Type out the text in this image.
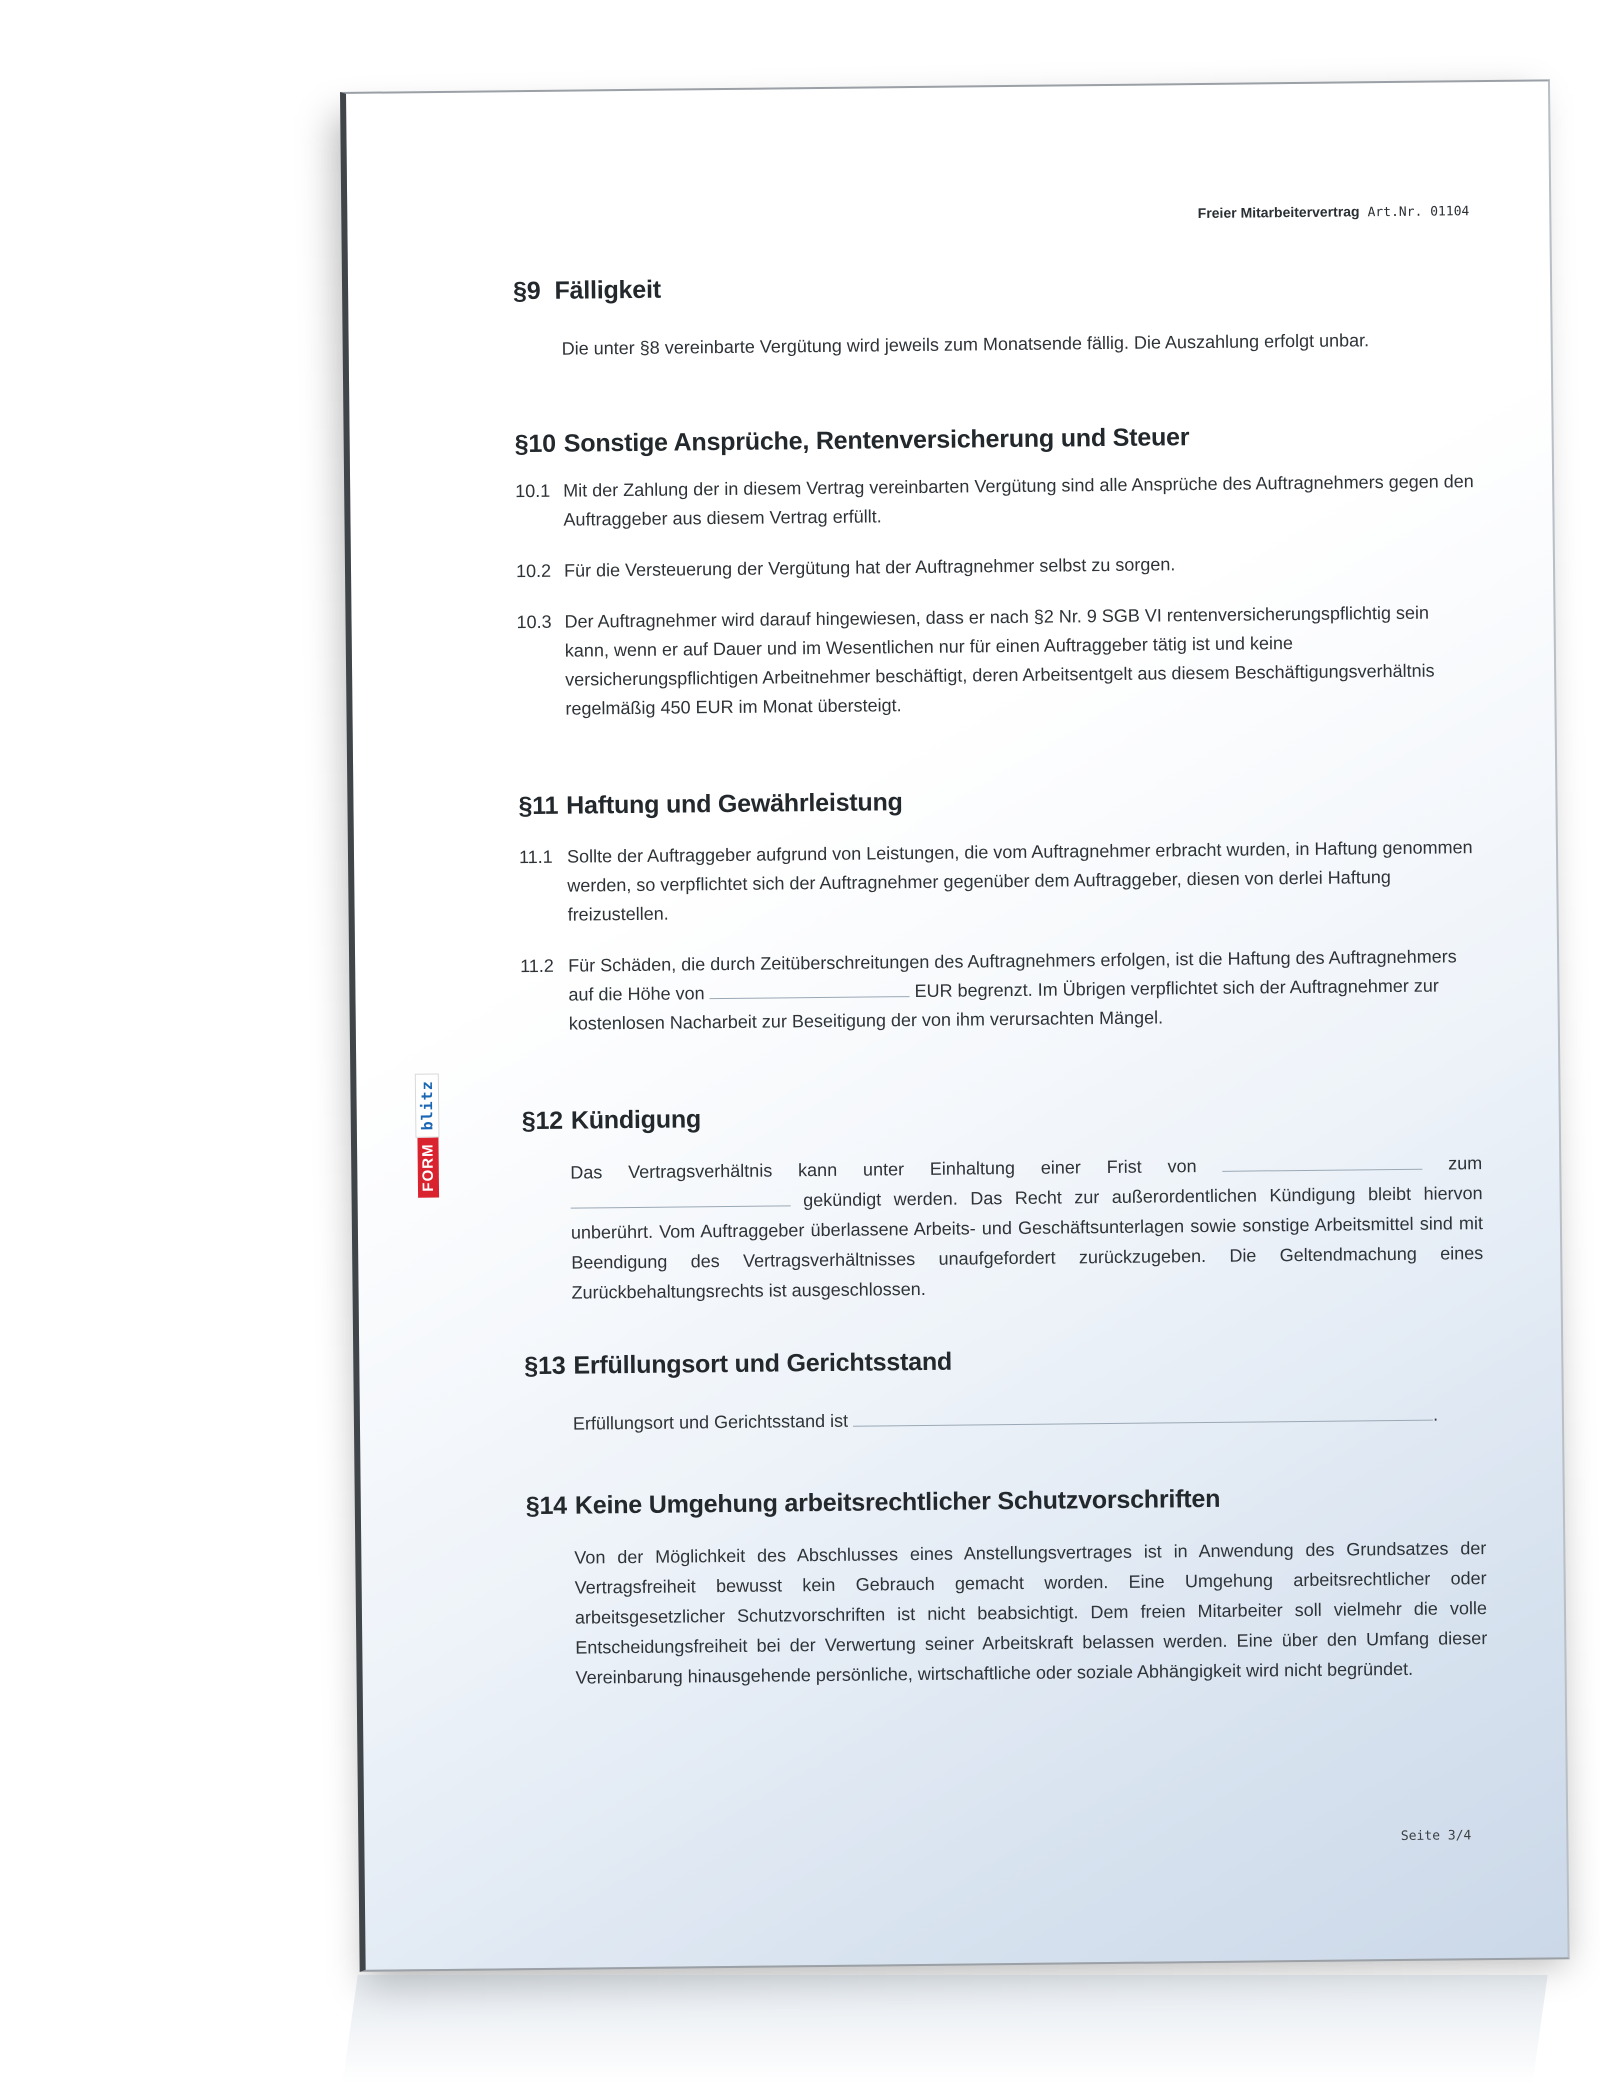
FORM
blitz
Freier Mitarbeitervertrag Art.Nr. 01104
§9 Fälligkeit

Die unter §8 vereinbarte Vergütung wird jeweils zum Monatsende fällig. Die Auszahlung erfolgt unbar.

§10 Sonstige Ansprüche, Rentenversicherung und Steuer
10.1 Mit der Zahlung der in diesem Vertrag vereinbarten Vergütung sind alle Ansprüche des Auftragnehmers gegen den Auftraggeber aus diesem Vertrag erfüllt.
10.2 Für die Versteuerung der Vergütung hat der Auftragnehmer selbst zu sorgen.
10.3 Der Auftragnehmer wird darauf hingewiesen, dass er nach §2 Nr. 9 SGB VI rentenversicherungspflichtig sein kann, wenn er auf Dauer und im Wesentlichen nur für einen Auftraggeber tätig ist und keine versicherungspflichtigen Arbeitnehmer beschäftigt, deren Arbeitsentgelt aus diesem Beschäftigungsverhältnis regelmäßig 450 EUR im Monat übersteigt.
§11 Haftung und Gewährleistung
11.1 Sollte der Auftraggeber aufgrund von Leistungen, die vom Auftragnehmer erbracht wurden, in Haftung genommen werden, so verpflichtet sich der Auftragnehmer gegenüber dem Auftraggeber, diesen von derlei Haftung freizustellen.
11.2 Für Schäden, die durch Zeitüberschreitungen des Auftragnehmers erfolgen, ist die Haftung des Auftragnehmers auf die Höhe von	EUR begrenzt. Im Übrigen verpflichtet sich der Auftragnehmer zur kostenlosen Nacharbeit zur Beseitigung der von ihm verursachten Mängel.
§12 Kündigung

Das Vertragsverhältnis kann unter Einhaltung einer Frist von	zum  gekündigt werden. Das Recht zur außerordentlichen Kündigung bleibt hiervon unberührt. Vom Auftraggeber überlassene Arbeits- und Geschäftsunterlagen sowie sonstige Arbeitsmittel sind mit Beendigung des Vertragsverhältnisses unaufgefordert zurückzugeben. Die Geltendmachung eines Zurückbehaltungsrechts ist ausgeschlossen.

§13 Erfüllungsort und Gerichtsstand

Erfüllungsort und Gerichtsstand ist	.

§14 Keine Umgehung arbeitsrechtlicher Schutzvorschriften

Von der Möglichkeit des Abschlusses eines Anstellungsvertrages ist in Anwendung des Grundsatzes der Vertragsfreiheit bewusst kein Gebrauch gemacht worden. Eine Umgehung arbeitsrechtlicher oder arbeitsgesetzlicher Schutzvorschriften ist nicht beabsichtigt. Dem freien Mitarbeiter soll vielmehr die volle Entscheidungsfreiheit bei der Verwertung seiner Arbeitskraft belassen werden. Eine über den Umfang dieser Vereinbarung hinausgehende persönliche, wirtschaftliche oder soziale Abhängigkeit wird nicht begründet.

Seite 3/4
